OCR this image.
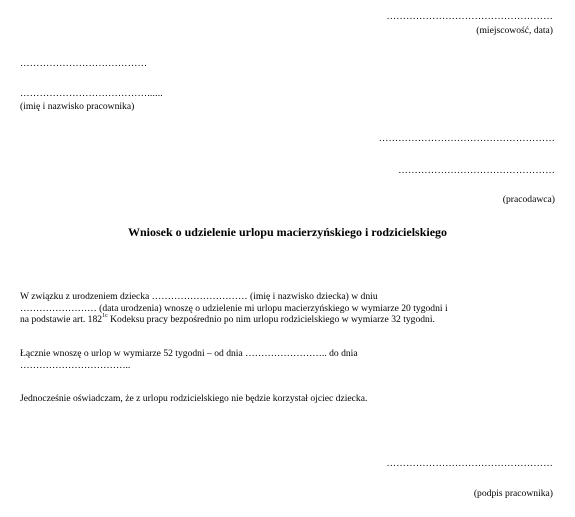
……………………………………………
(miejscowość, data)
…………………………………
…………………………………......
(imię i nazwisko pracownika)
………………………………………………
…………………………………………
(pracodawca)
Wniosek o udzielenie urlopu macierzyńskiego i rodzicielskiego
W związku z urodzeniem dziecka ………………………… (imię i nazwisko dziecka) w dniu
…………………… (data urodzenia) wnoszę o udzielenie mi urlopu macierzyńskiego w wymiarze 20 tygodni i
na podstawie art. $182^{1c}$ Kodeksu pracy bezpośrednio po nim urlopu rodzicielskiego w wymiarze 32 tygodni.
Łącznie wnoszę o urlop w wymiarze 52 tygodni – od dnia …………………….. do dnia
……………………………..
Jednocześnie oświadczam, że z urlopu rodzicielskiego nie będzie korzystał ojciec dziecka.
……………………………………………
(podpis pracownika)
